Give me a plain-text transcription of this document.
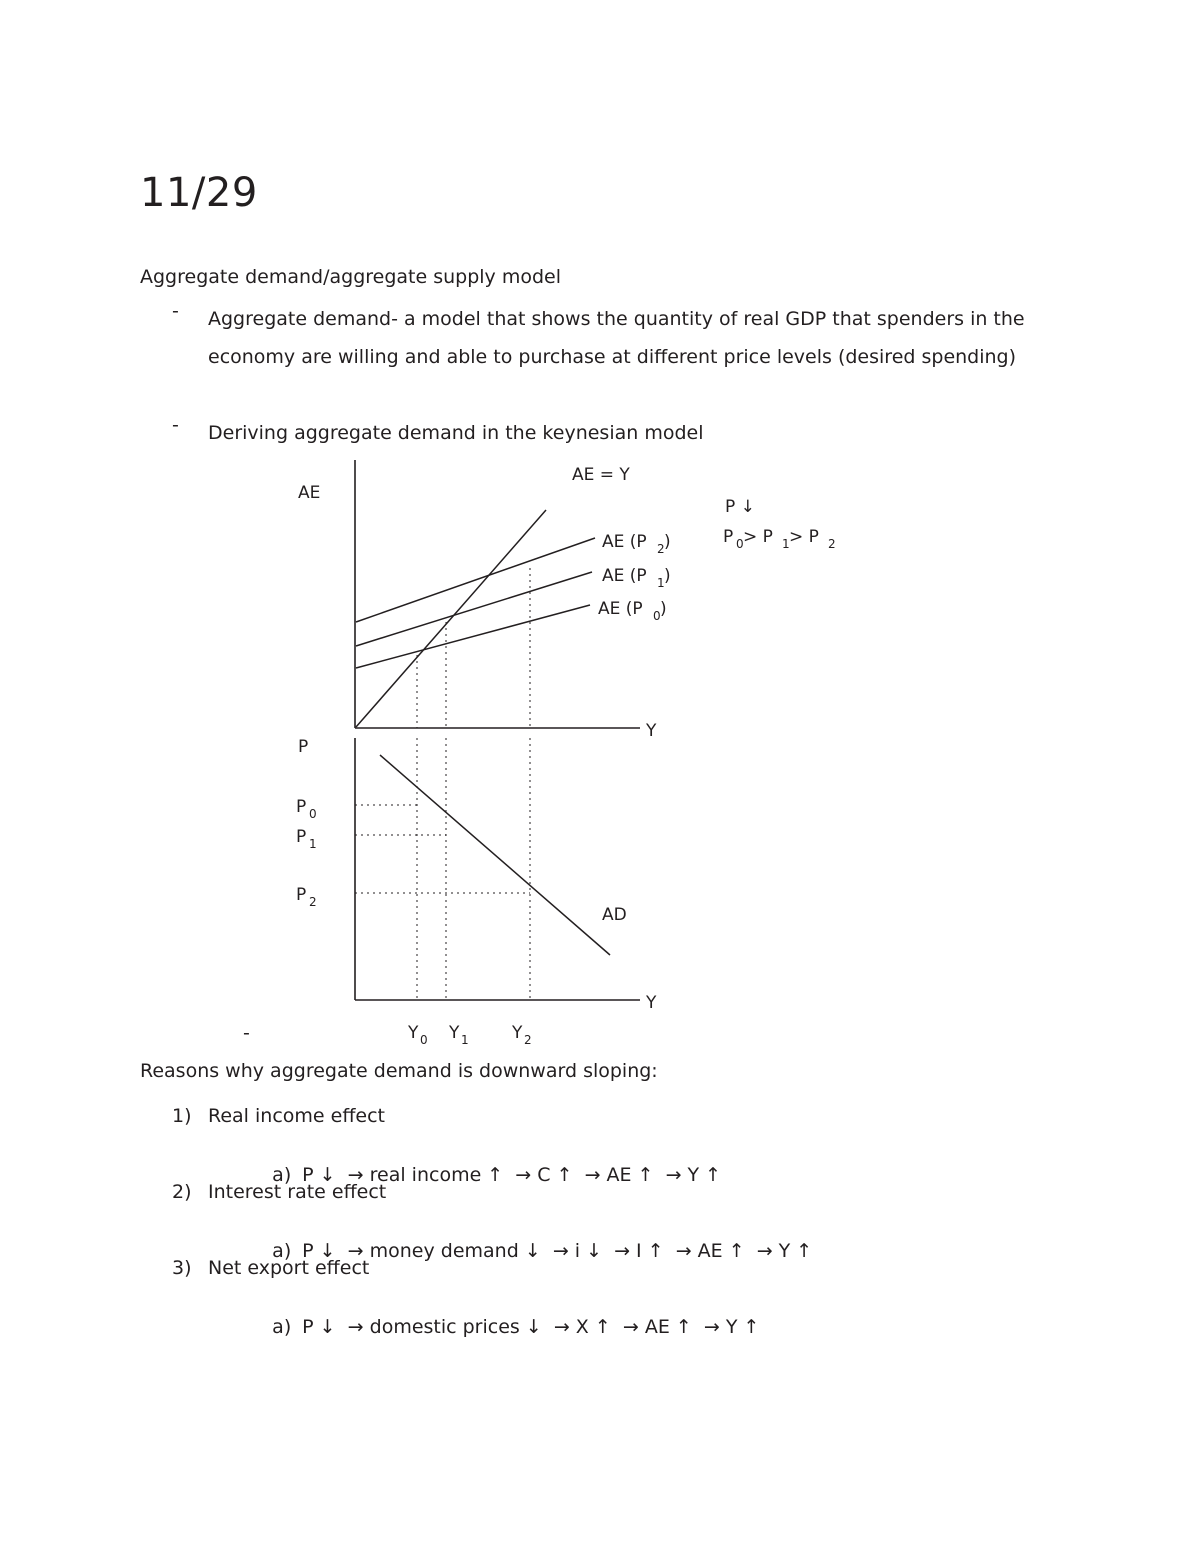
11/29
Aggregate demand/aggregate supply model
- Aggregate demand- a model that shows the quantity of real GDP that spenders in the economy are willing and able to purchase at different price levels (desired spending)
- Deriving aggregate demand in the keynesian model
AE
Y
AE = Y
AE (P 2 )
AE (P 1 )
AE (P 0 )
P ↓
P 0 > P 1 > P 2
P
Y
AD
P 0
P 1
P 2
Y 0 Y 1	Y 2
-
Reasons why aggregate demand is downward sloping:
1) Real income effect

a) P ↓  → real income ↑  → C ↑  → AE ↑  → Y ↑

2) Interest rate effect

a) P ↓  → money demand ↓  → i ↓  → I ↑  → AE ↑  → Y ↑

3) Net export effect

a) P ↓  → domestic prices ↓  → X ↑  → AE ↑  → Y ↑
